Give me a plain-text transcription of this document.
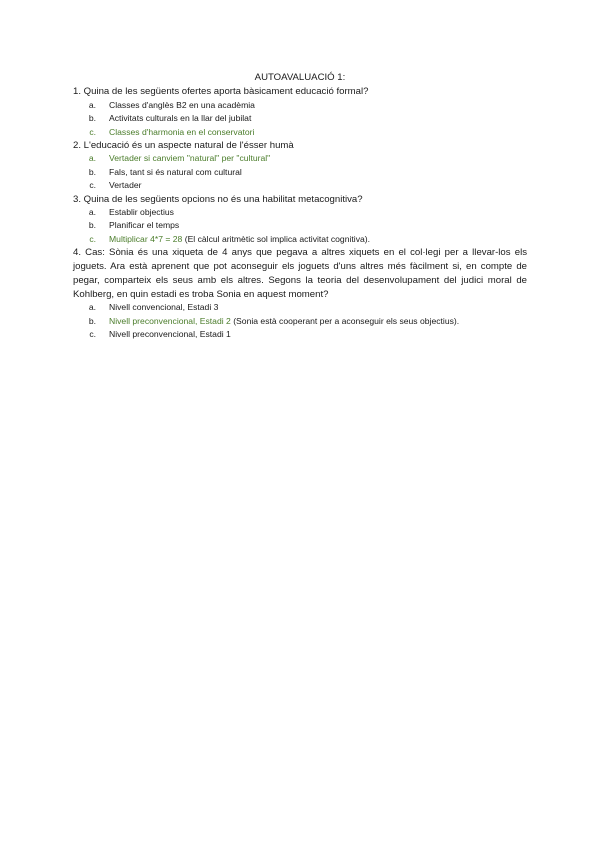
AUTOAVALUACIÓ 1:

1. Quina de les següents ofertes aporta bàsicament educació formal?

a.	Classes d'anglès B2 en una acadèmia
b.	Activitats culturals en la llar del jubilat
c.	Classes d'harmonia en el conservatori

2. L'educació és un aspecte natural de l'ésser humà

a.	Vertader si canviem "natural" per "cultural"
b.	Fals, tant si és natural com cultural
c.	Vertader

3. Quina de les següents opcions no és una habilitat metacognitiva?

a.	Establir objectius
b.	Planificar el temps
c.	Multiplicar 4*7 = 28 (El càlcul aritmètic sol implica activitat cognitiva).

4. Cas: Sònia és una xiqueta de 4 anys que pegava a altres xiquets en el col·legi per a llevar-los els joguets. Ara està aprenent que pot aconseguir els joguets d'uns altres més fàcilment si, en compte de pegar, comparteix els seus amb els altres. Segons la teoria del desenvolupament del judici moral de Kohlberg, en quin estadi es troba Sonia en aquest moment?

a.	Nivell convencional, Estadi 3
b.	Nivell preconvencional, Estadi 2 (Sonia està cooperant per a aconseguir els seus objectius).
c.	Nivell preconvencional, Estadi 1
